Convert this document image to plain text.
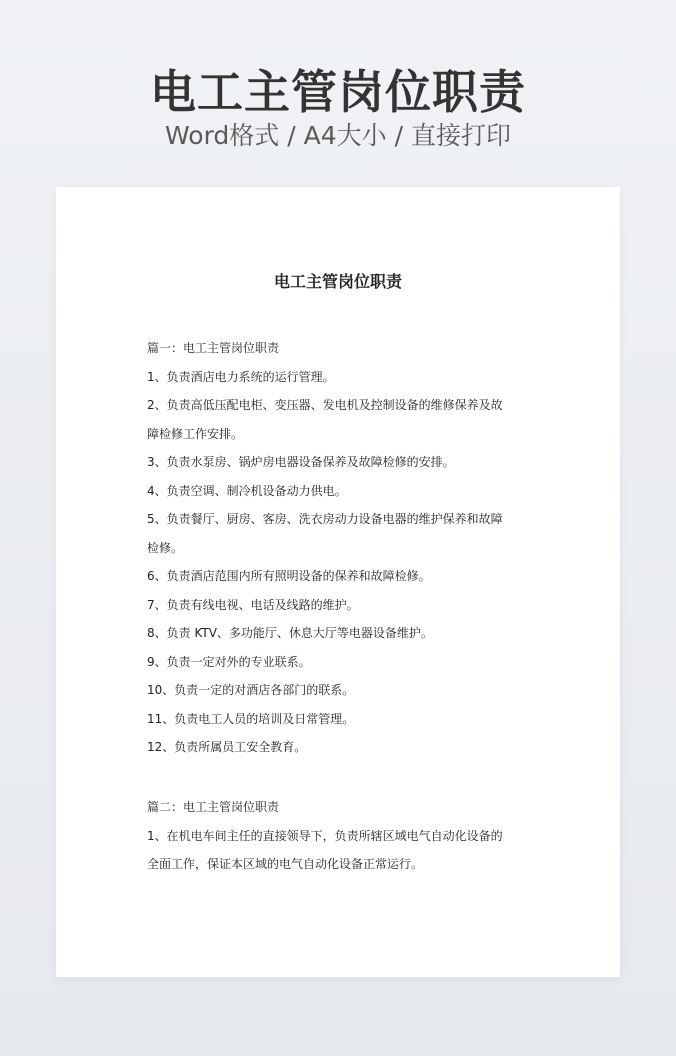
电工主管岗位职责
Word格式 / A4大小 / 直接打印
电工主管岗位职责
篇一：电工主管岗位职责
1、负责酒店电力系统的运行管理。
2、负责高低压配电柜、变压器、发电机及控制设备的维修保养及故
障检修工作安排。
3、负责水泵房、锅炉房电器设备保养及故障检修的安排。
4、负责空调、制冷机设备动力供电。
5、负责餐厅、厨房、客房、洗衣房动力设备电器的维护保养和故障
检修。
6、负责酒店范围内所有照明设备的保养和故障检修。
7、负责有线电视、电话及线路的维护。
8、负责 KTV、多功能厅、休息大厅等电器设备维护。
9、负责一定对外的专业联系。
10、负责一定的对酒店各部门的联系。
11、负责电工人员的培训及日常管理。
12、负责所属员工安全教育。
篇二：电工主管岗位职责
1、在机电车间主任的直接领导下，负责所辖区域电气自动化设备的
全面工作，保证本区域的电气自动化设备正常运行。
